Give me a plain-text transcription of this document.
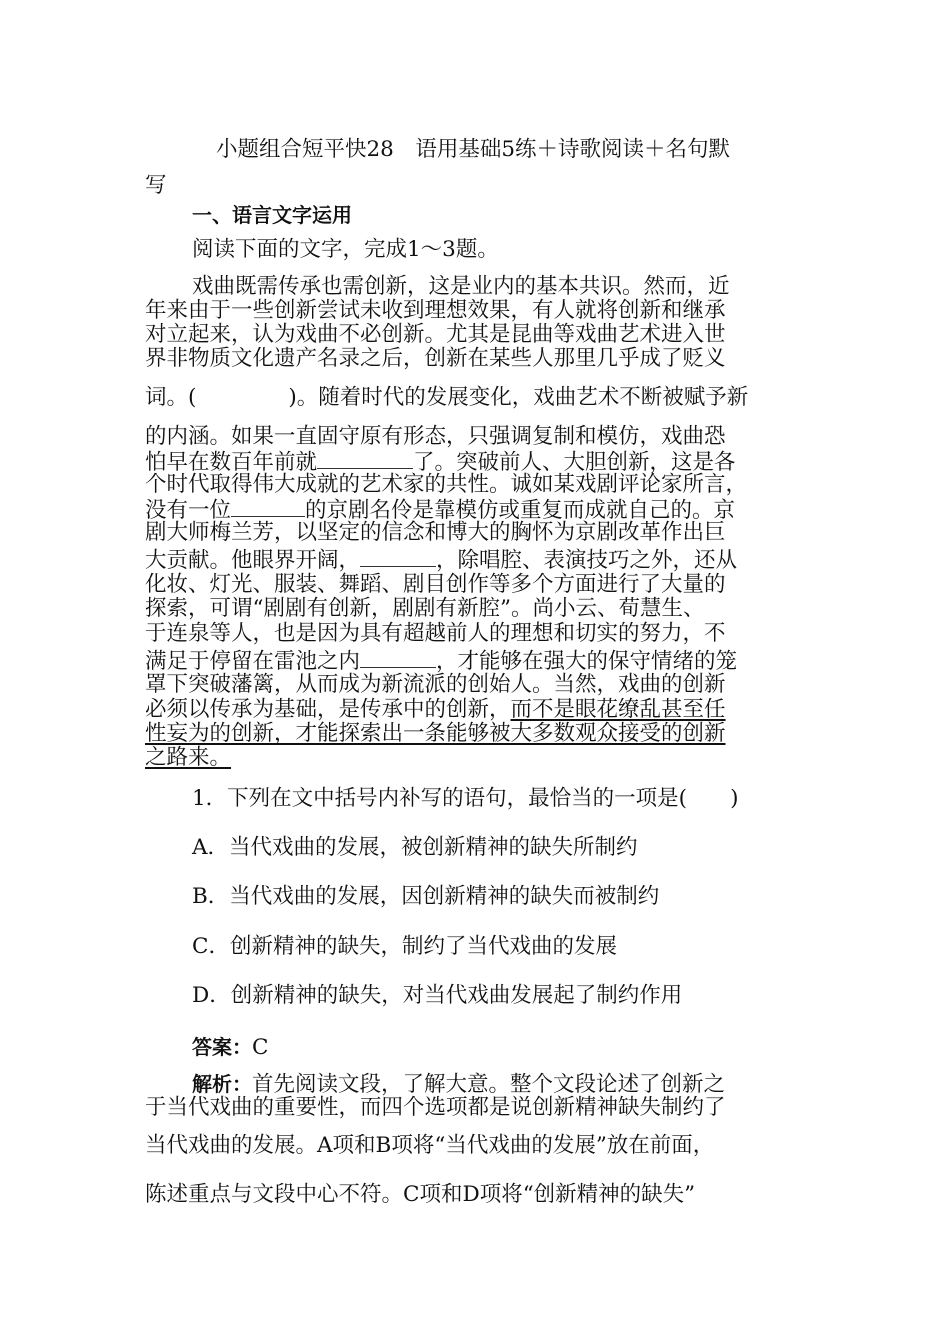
小题组合短平快28　语用基础5练＋诗歌阅读＋名句默
写
一、语言文字运用
阅读下面的文字，完成1～3题。
戏曲既需传承也需创新，这是业内的基本共识。然而，近
年来由于一些创新尝试未收到理想效果，有人就将创新和继承
对立起来，认为戏曲不必创新。尤其是昆曲等戏曲艺术进入世
界非物质文化遗产名录之后，创新在某些人那里几乎成了贬义
词。(	)。随着时代的发展变化，戏曲艺术不断被赋予新
的内涵。如果一直固守原有形态，只强调复制和模仿，戏曲恐
怕早在数百年前就	了。突破前人、大胆创新，这是各
个时代取得伟大成就的艺术家的共性。诚如某戏剧评论家所言，
没有一位	的京剧名伶是靠模仿或重复而成就自己的。京
剧大师梅兰芳，以坚定的信念和博大的胸怀为京剧改革作出巨
大贡献。他眼界开阔，	，除唱腔、表演技巧之外，还从
化妆、灯光、服装、舞蹈、剧目创作等多个方面进行了大量的
探索，可谓“剧剧有创新，剧剧有新腔”。尚小云、荀慧生、
于连泉等人，也是因为具有超越前人的理想和切实的努力，不
满足于停留在雷池之内	，才能够在强大的保守情绪的笼
罩下突破藩篱，从而成为新流派的创始人。当然，戏曲的创新
必须以传承为基础，是传承中的创新，而不是眼花缭乱甚至任
性妄为的创新，才能探索出一条能够被大多数观众接受的创新
之路来。
1．下列在文中括号内补写的语句，最恰当的一项是(　　)
A．当代戏曲的发展，被创新精神的缺失所制约
B．当代戏曲的发展，因创新精神的缺失而被制约
C．创新精神的缺失，制约了当代戏曲的发展
D．创新精神的缺失，对当代戏曲发展起了制约作用
答案：C
解析：首先阅读文段，了解大意。整个文段论述了创新之
于当代戏曲的重要性，而四个选项都是说创新精神缺失制约了
当代戏曲的发展。A项和B项将“当代戏曲的发展”放在前面，
陈述重点与文段中心不符。C项和D项将“创新精神的缺失”
